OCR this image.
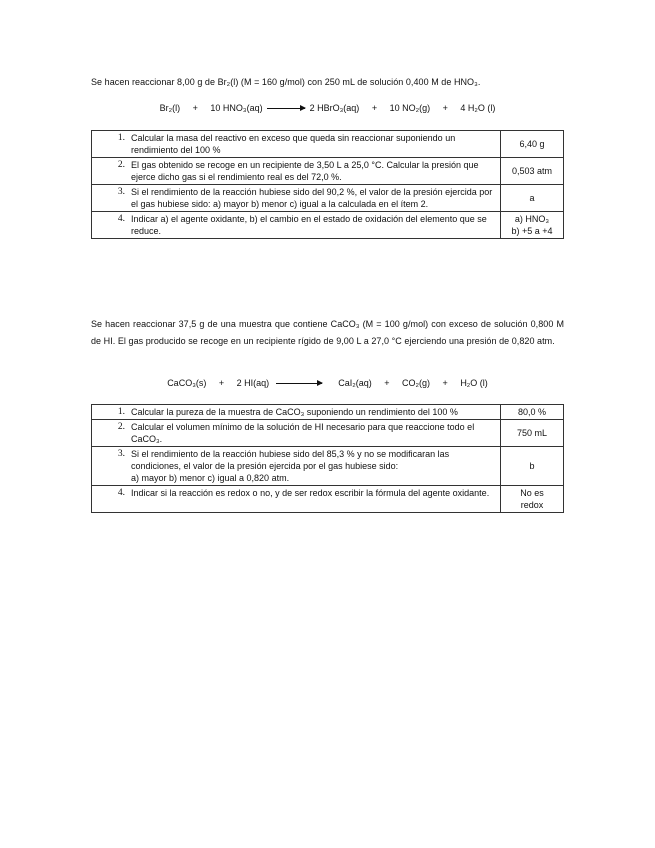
Se hacen reaccionar 8,00 g de Br₂(l) (M = 160 g/mol) con 250 mL de solución 0,400 M de HNO₃.
Br₂(l) + 10 HNO₃(aq)	2 HBrO₃(aq) + 10 NO₂(g) + 4 H₂O (l)
1.	Calcular la masa del reactivo en exceso que queda sin reaccionar suponiendo un rendimiento del 100 %	6,40 g
2.	El gas obtenido se recoge en un recipiente de 3,50 L a 25,0 °C. Calcular la presión que ejerce dicho gas si el rendimiento real es del 72,0 %.	0,503 atm
3.	Si el rendimiento de la reacción hubiese sido del 90,2 %, el valor de la presión ejercida por el gas hubiese sido: a) mayor b) menor c) igual a la calculada en el ítem 2.	a
4.	Indicar a) el agente oxidante, b) el cambio en el estado de oxidación del elemento que se reduce.	a) HNO₃
b) +5 a +4
Se hacen reaccionar 37,5 g de una muestra que contiene CaCO₃ (M = 100 g/mol) con exceso de solución 0,800 M de HI. El gas producido se recoge en un recipiente rígido de 9,00 L a 27,0 °C ejerciendo una presión de 0,820 atm.
CaCO₃(s) + 2 HI(aq)	CaI₂(aq) + CO₂(g) + H₂O (l)
1.	Calcular la pureza de la muestra de CaCO₃ suponiendo un rendimiento del 100 %	80,0 %
2.	Calcular el volumen mínimo de la solución de HI necesario para que reaccione todo el CaCO₃.	750 mL
3.	Si el rendimiento de la reacción hubiese sido del 85,3 % y no se modificaran las condiciones, el valor de la presión ejercida por el gas hubiese sido:
a) mayor b) menor c) igual a 0,820 atm.	b
4.	Indicar si la reacción es redox o no, y de ser redox escribir la fórmula del agente oxidante.	No es
redox
